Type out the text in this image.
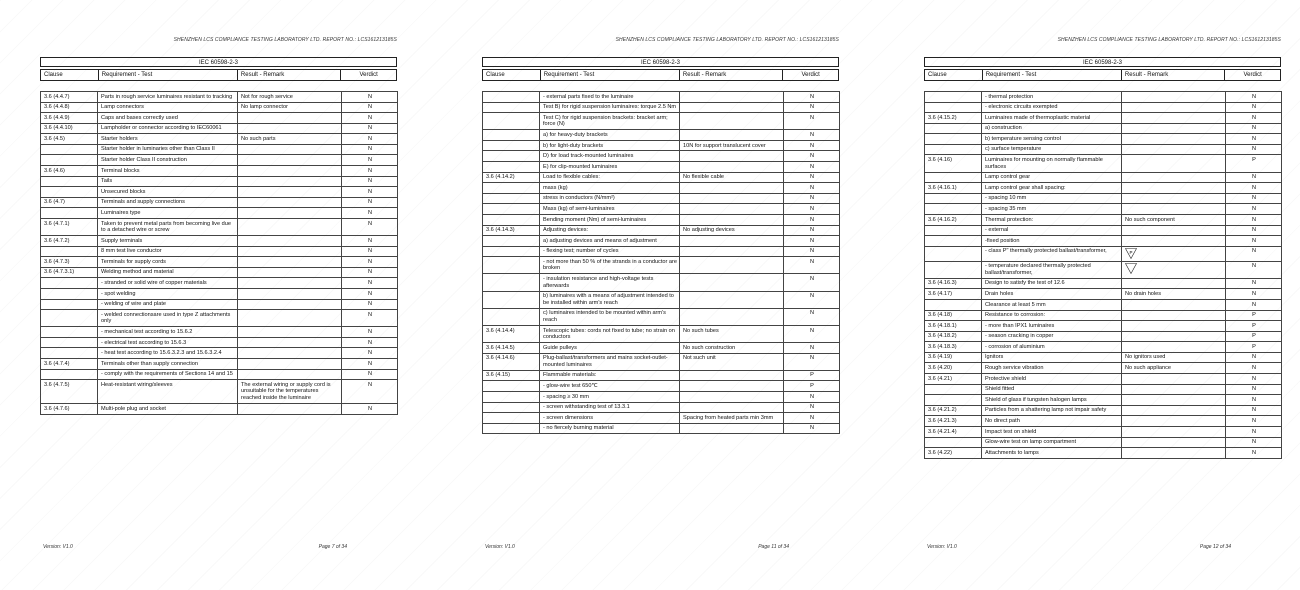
SHENZHEN LCS COMPLIANCE TESTING LABORATORY LTD. REPORT NO.: LCS161213185S
IEC 60598-2-3
Clause	Requirement - Test	Result - Remark	Verdict
3.6 (4.4.7)	Parts in rough service luminaires resistant to tracking	Not for rough service	N
3.6 (4.4.8)	Lamp connectors	No lamp connector	N
3.6 (4.4.9)	Caps and bases correctly used		N
3.6 (4.4.10)	Lampholder or connector according to IEC60061		N
3.6 (4.5)	Starter holders	No such parts	N
	Starter holder in luminaries other than Class II		N
	Starter holder Class II construction		N
3.6 (4.6)	Terminal blocks		N
	Tails		N
	Unsecured blocks		N
3.6 (4.7)	Terminals and supply connections		N
	Luminaires type		N
3.6 (4.7.1)	Taken to prevent metal parts from becoming live due to a detached wire or screw		N
3.6 (4.7.2)	Supply terminals		N
	8 mm test live conductor		N
3.6 (4.7.3)	Terminals for supply cords		N
3.6 (4.7.3.1)	Welding method and material		N
	- stranded or solid wire of copper materials		N
	- spot welding		N
	- welding of wire and plate		N
	- welded connectionsare used in type Z attachments only		N
	- mechanical test according to 15.6.2		N
	- electrical test according to 15.6.3		N
	- heat test according to 15.6.3.2.3 and 15.6.3.2.4		N
3.6 (4.7.4)	Terminals other than supply connection		N
	- comply with the requirements of Sections 14 and 15		N
3.6 (4.7.5)	Heat-resistant wiring/sleeves	The external wiring or supply cord is unsuitable for the temperatures reached inside the luminaire	N
3.6 (4.7.6)	Multi-pole plug and socket		N
Version: V1.0	Page 7 of 34
SHENZHEN LCS COMPLIANCE TESTING LABORATORY LTD. REPORT NO.: LCS161213185S
IEC 60598-2-3
Clause	Requirement - Test	Result - Remark	Verdict
	- external parts fixed to the luminaire		N
	Test B) for rigid suspension luminaires: torque 2.5 Nm		N
	Test C) for rigid suspension brackets: bracket arm; force (N)		N
	a) for heavy-duty brackets		N
	b) for light-duty brackets	10N for support translucent cover	N
	D) for load track-mounted luminaires		N
	E) for clip-mounted luminaires		N
3.6 (4.14.2)	Load to flexible cables:	No flexible cable	N
	mass (kg)		N
	stress in conductors (N/mm²)		N
	Mass (kg) of semi-luminaires		N
	Bending moment (Nm) of semi-luminaires		N
3.6 (4.14.3)	Adjusting devices:	No adjusting devices	N
	a) adjusting devices and means of adjustment		N
	- flexing test; number of cycles		N
	- not more than 50 % of the strands in a conductor are broken		N
	- insulation resistance and high-voltage tests afterwards		N
	b) luminaires with a means of adjustment intended to be installed within arm's reach		N
	c) luminaires intended to be mounted within arm's reach		N
3.6 (4.14.4)	Telescopic tubes: cords not fixed to tube; no strain on conductors	No such tubes	N
3.6 (4.14.5)	Guide pulleys	No such construction	N
3.6 (4.14.6)	Plug-ballast/transformers and mains socket-outlet-mounted luminaires	Not such unit	N
3.6 (4.15)	Flammable materials:		P
	- glow-wire test 650℃		P
	- spacing ≥ 30 mm		N
	- screen withstanding test of 13.3.1		N
	- screen dimensions	Spacing from heated parts min 3mm	N
	- no fiercely burning material		N
Version: V1.0	Page 11 of 34
SHENZHEN LCS COMPLIANCE TESTING LABORATORY LTD. REPORT NO.: LCS161213185S
IEC 60598-2-3
Clause	Requirement - Test	Result - Remark	Verdict
	- thermal protection		N
	- electronic circuits exempted		N
3.6 (4.15.2)	Luminaires made of thermoplastic material		N
	a) construction		N
	b) temperature sensing control		N
	c) surface temperature		N
3.6 (4.16)	Luminaires for mounting on normally flammable surfaces		P
	Lamp control gear		N
3.6 (4.16.1)	Lamp control gear shall spacing:		N
	- spacing 10 mm		N
	- spacing 35 mm		N
3.6 (4.16.2)	Thermal protection:	No such component	N
	- external		N
	-fixed position		N
	- class P" thermally protected ballast/transformer,	P	N
	- temperature declared thermally protected ballast/transformer,		N
3.6 (4.16.3)	Design to satisfy the test of 12.6		N
3.6 (4.17)	Drain holes	No drain holes	N
	Clearance at least 5 mm		N
3.6 (4.18)	Resistance to corrosion:		P
3.6 (4.18.1)	- more than IPX1 luminaires		P
3.6 (4.18.2)	- season cracking in copper		P
3.6 (4.18.3)	- corrosion of aluminium		P
3.6 (4.19)	Ignitors	No ignitors used	N
3.6 (4.20)	Rough service vibration	No such appliance	N
3.6 (4.21)	Protective shield		N
	Shield fitted		N
	Shield of glass if tungsten halogen lamps		N
3.6 (4.21.2)	Particles from a shattering lamp not impair safety		N
3.6 (4.21.3)	No direct path		N
3.6 (4.21.4)	Impact test on shield		N
	Glow-wire test on lamp compartment		N
3.6 (4.22)	Attachments to lamps		N
Version: V1.0	Page 12 of 34
